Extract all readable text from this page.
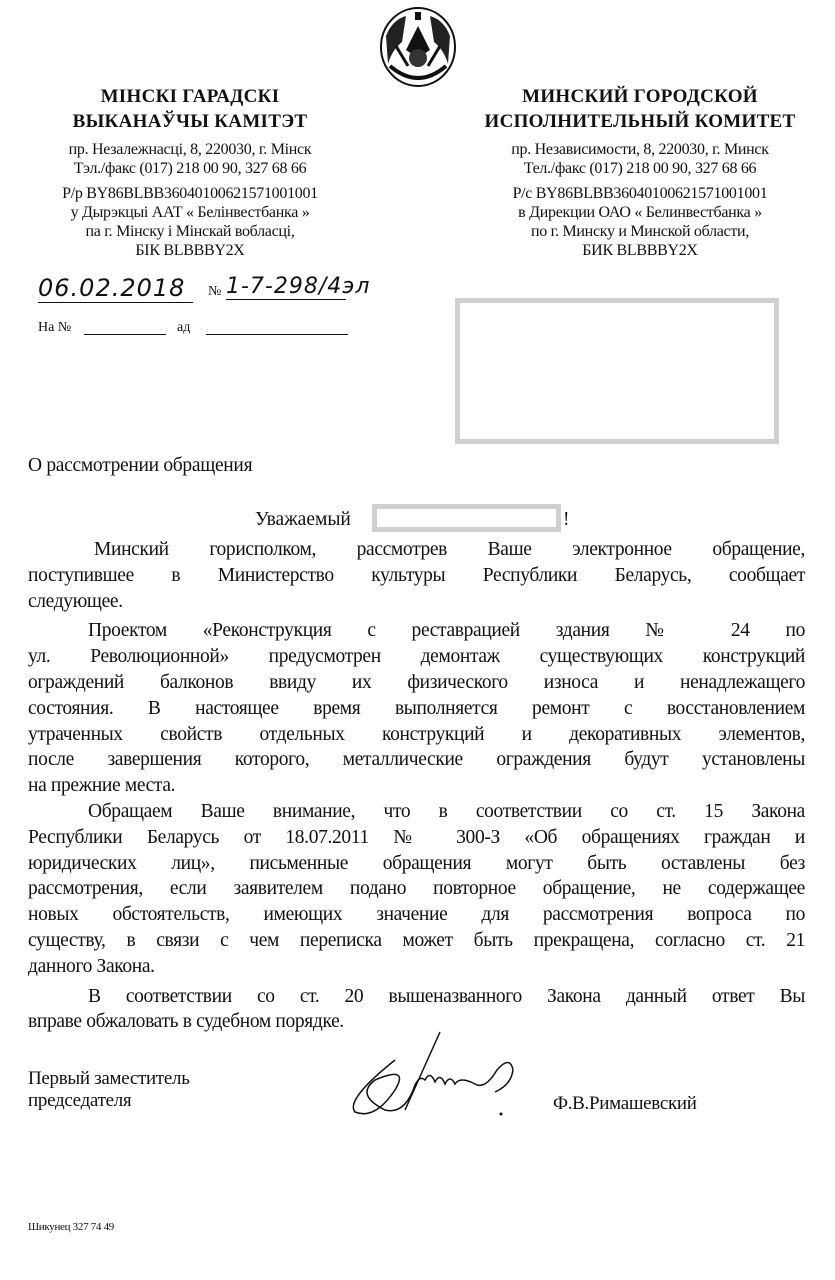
МІНСКІ ГАРАДСКІ
ВЫКАНАЎЧЫ КАМІТЭТ
пр. Незалежнасці, 8, 220030, г. Мінск
Тэл./факс (017) 218 00 90, 327 68 66
Р/р BY86BLBB36040100621571001001
у Дырэкцыі ААТ « Белінвестбанка »
па г. Мінску і Мінскай вобласці,
БІК BLBBBY2X
МИНСКИЙ ГОРОДСКОЙ
ИСПОЛНИТЕЛЬНЫЙ КОМИТЕТ
пр. Независимости, 8, 220030, г. Минск
Тел./факс (017) 218 00 90, 327 68 66
Р/с BY86BLBB36040100621571001001
в Дирекции ОАО « Белинвестбанка »
по г. Минску и Минской области,
БИК BLBBBY2X
06.02.2018	№ 1-7-298/4эл
На №	ад
О рассмотрении обращения
Уважаемый	!
Минский горисполком, рассмотрев Ваше электронное обращение,
поступившее в Министерство культуры Республики Беларусь, сообщает
следующее.
Проектом «Реконструкция с реставрацией здания № 24 по
ул. Революционной» предусмотрен демонтаж существующих конструкций
ограждений балконов ввиду их физического износа и ненадлежащего
состояния. В настоящее время выполняется ремонт с восстановлением
утраченных свойств отдельных конструкций и декоративных элементов,
после завершения которого, металлические ограждения будут установлены
на прежние места.
Обращаем Ваше внимание, что в соответствии со ст. 15 Закона
Республики Беларусь от 18.07.2011 № 300-З «Об обращениях граждан и
юридических лиц», письменные обращения могут быть оставлены без
рассмотрения, если заявителем подано повторное обращение, не содержащее
новых обстоятельств, имеющих значение для рассмотрения вопроса по
существу, в связи с чем переписка может быть прекращена, согласно ст. 21
данного Закона.
В соответствии со ст. 20 вышеназванного Закона данный ответ Вы
вправе обжаловать в судебном порядке.
Первый заместитель
председателя	Ф.В.Римашевский
Шикунец 327 74 49
